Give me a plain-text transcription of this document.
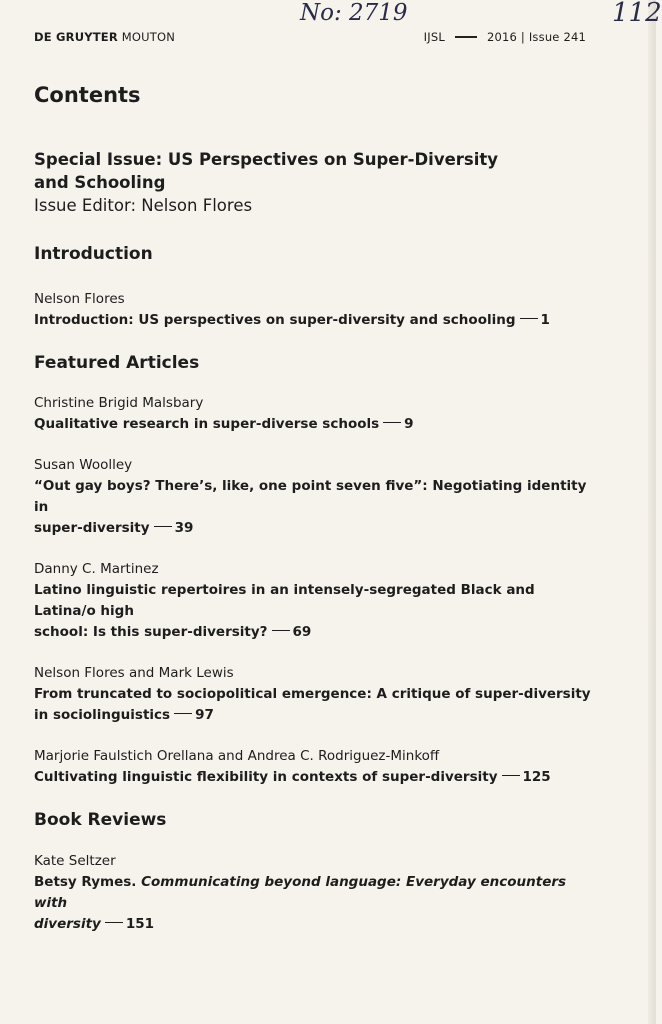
No: 2719	112
DE GRUYTER MOUTON	IJSL	2016 | Issue 241
Contents
Special Issue: US Perspectives on Super-Diversity
and Schooling
Issue Editor: Nelson Flores
Introduction
Nelson Flores
Introduction: US perspectives on super-diversity and schooling 1
Featured Articles
Christine Brigid Malsbary
Qualitative research in super-diverse schools 9
Susan Woolley
“Out gay boys? There’s, like, one point seven five”: Negotiating identity in
super-diversity 39
Danny C. Martinez
Latino linguistic repertoires in an intensely-segregated Black and Latina/o high
school: Is this super-diversity? 69
Nelson Flores and Mark Lewis
From truncated to sociopolitical emergence: A critique of super-diversity
in sociolinguistics 97
Marjorie Faulstich Orellana and Andrea C. Rodriguez-Minkoff
Cultivating linguistic flexibility in contexts of super-diversity 125
Book Reviews
Kate Seltzer
Betsy Rymes. Communicating beyond language: Everyday encounters with
diversity 151
